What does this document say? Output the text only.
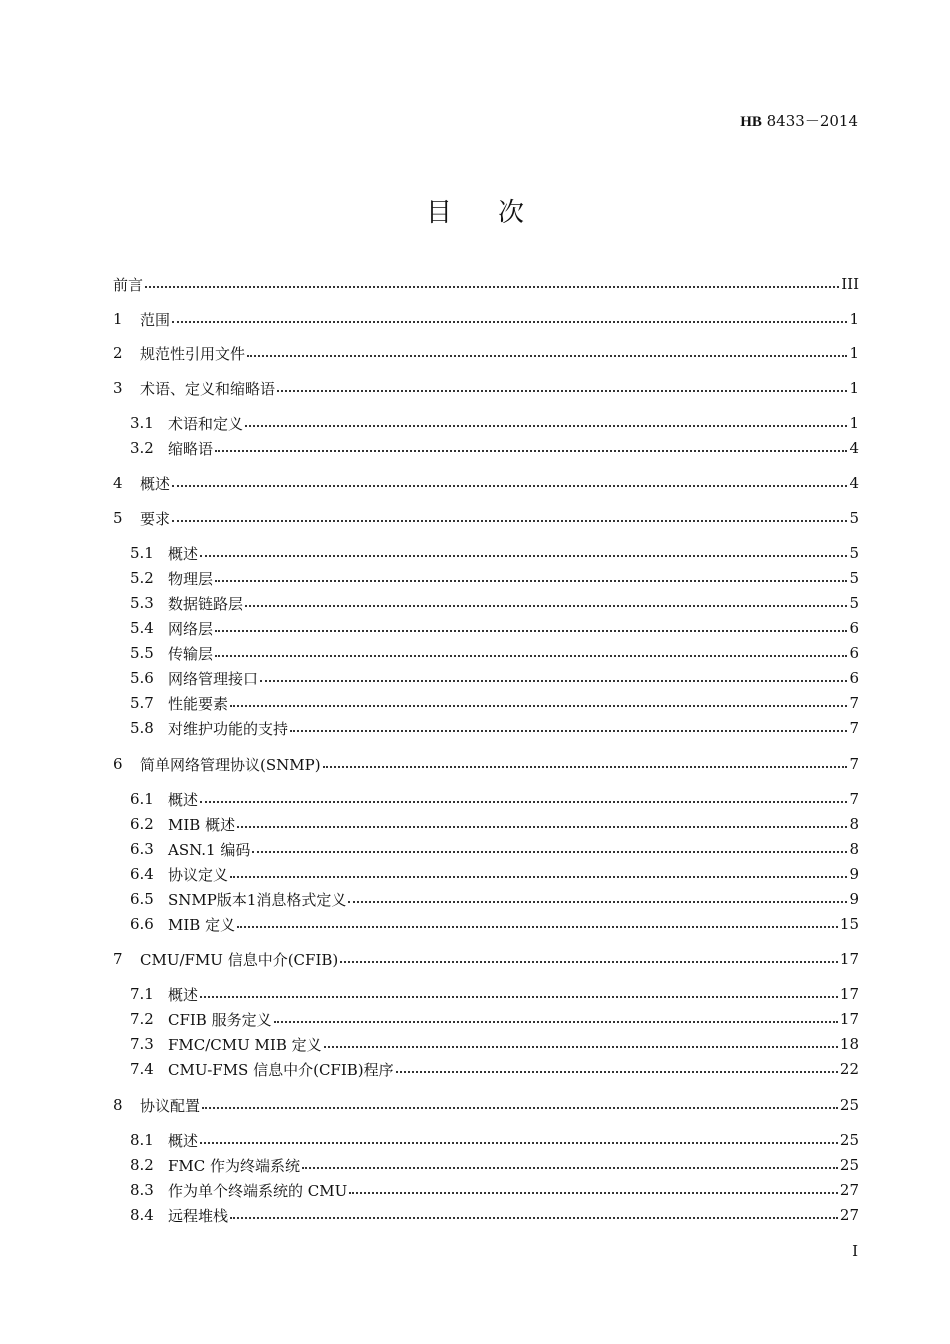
HB 8433－2014
目次
前言	III
1	范围	1
2	规范性引用文件	1
3	术语、定义和缩略语	1
3.1 术语和定义	1
3.2 缩略语	4
4	概述	4
5	要求	5
5.1 概述	5
5.2 物理层	5
5.3 数据链路层	5
5.4 网络层	6
5.5 传输层	6
5.6 网络管理接口	6
5.7 性能要素	7
5.8 对维护功能的支持	7
6	简单网络管理协议(SNMP)	7
6.1 概述	7
6.2 MIB 概述	8
6.3 ASN.1 编码	8
6.4 协议定义	9
6.5 SNMP版本1消息格式定义	9
6.6 MIB 定义	15
7	CMU/FMU 信息中介(CFIB)	17
7.1 概述	17
7.2 CFIB 服务定义	17
7.3 FMC/CMU MIB 定义	18
7.4 CMU-FMS 信息中介(CFIB)程序	22
8	协议配置	25
8.1 概述	25
8.2 FMC 作为终端系统	25
8.3 作为单个终端系统的 CMU	27
8.4 远程堆栈	27
I
